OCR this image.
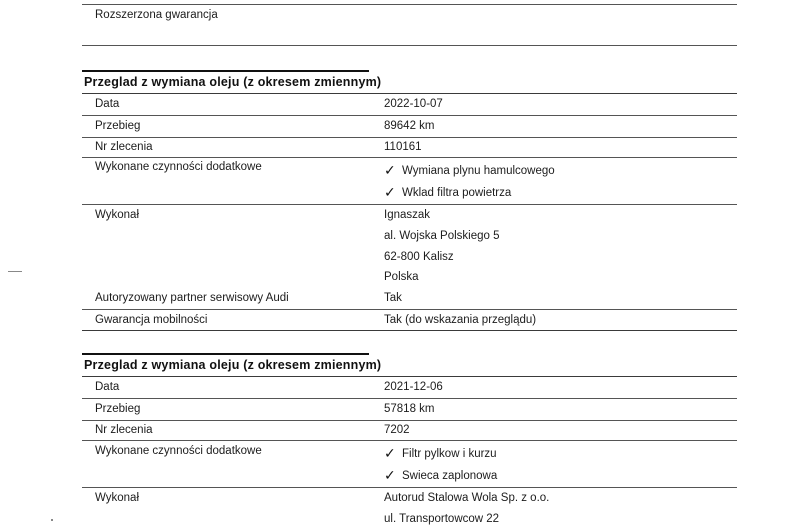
Rozszerzona gwarancja
Przeglad z wymiana oleju (z okresem zmiennym)
Data	2022-10-07
Przebieg	89642 km
Nr zlecenia	110161
Wykonane czynności dodatkowe	✓ Wymiana plynu hamulcowego
✓ Wklad filtra powietrza
Wykonał	Ignaszak
al. Wojska Polskiego 5
62-800 Kalisz
Polska
Autoryzowany partner serwisowy Audi	Tak
Gwarancja mobilności	Tak (do wskazania przeglądu)
Przeglad z wymiana oleju (z okresem zmiennym)
Data	2021-12-06
Przebieg	57818 km
Nr zlecenia	7202
Wykonane czynności dodatkowe	✓ Filtr pylkow i kurzu
✓ Swieca zaplonowa
Wykonał	Autorud Stalowa Wola Sp. z o.o.
ul. Transportowcow 22
